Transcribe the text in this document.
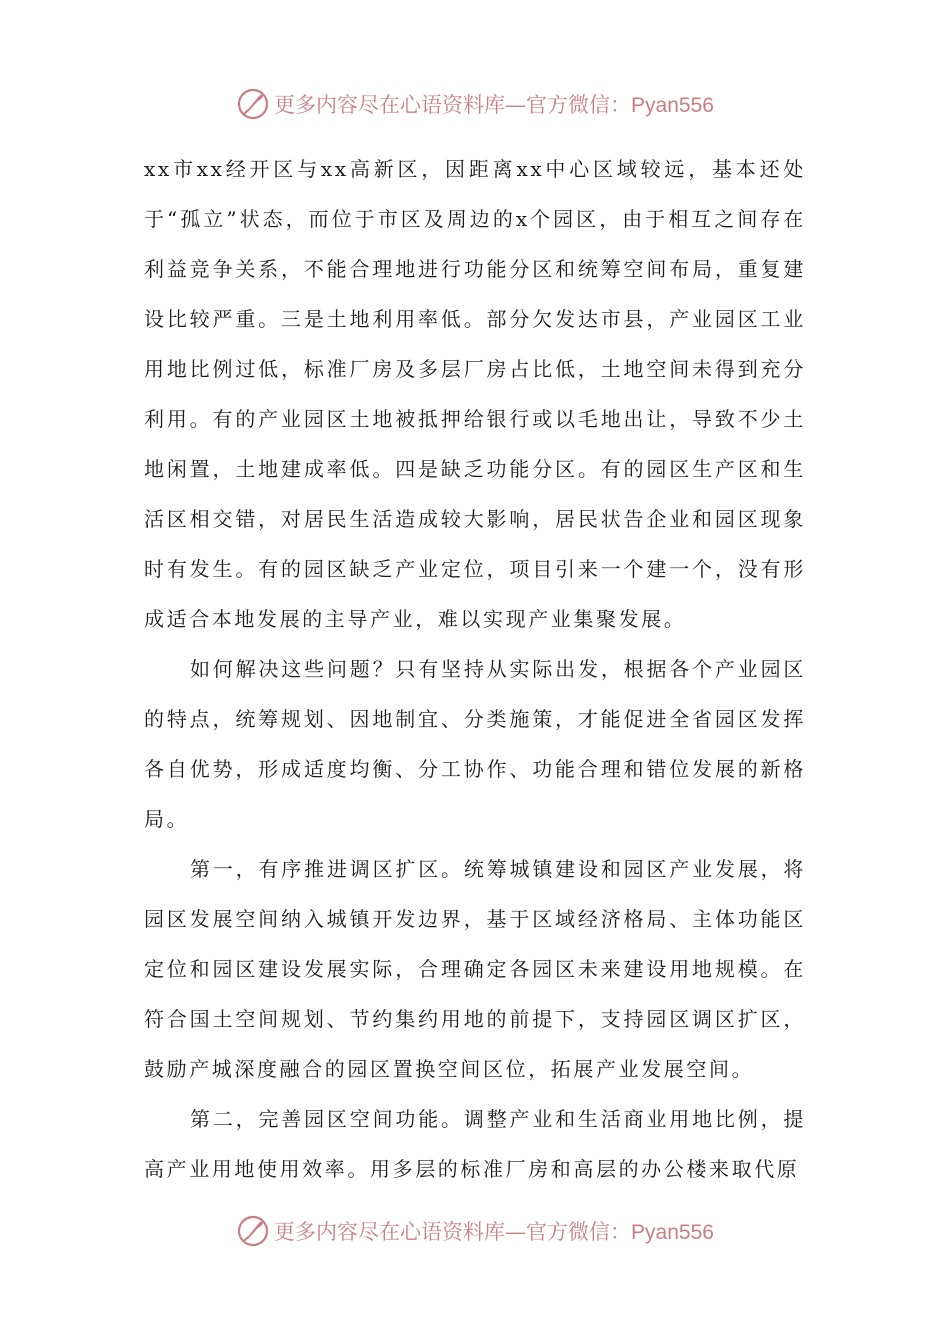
更多内容尽在心语资料库—官方微信：Pyan556

xx市xx经开区与xx高新区，因距离xx中心区域较远，基本还处于“孤立”状态，而位于市区及周边的x个园区，由于相互之间存在利益竞争关系，不能合理地进行功能分区和统筹空间布局，重复建设比较严重。三是土地利用率低。部分欠发达市县，产业园区工业用地比例过低，标准厂房及多层厂房占比低，土地空间未得到充分利用。有的产业园区土地被抵押给银行或以毛地出让，导致不少土地闲置，土地建成率低。四是缺乏功能分区。有的园区生产区和生活区相交错，对居民生活造成较大影响，居民状告企业和园区现象时有发生。有的园区缺乏产业定位，项目引来一个建一个，没有形成适合本地发展的主导产业，难以实现产业集聚发展。

如何解决这些问题？只有坚持从实际出发，根据各个产业园区的特点，统筹规划、因地制宜、分类施策，才能促进全省园区发挥各自优势，形成适度均衡、分工协作、功能合理和错位发展的新格局。

第一，有序推进调区扩区。统筹城镇建设和园区产业发展，将园区发展空间纳入城镇开发边界，基于区域经济格局、主体功能区定位和园区建设发展实际，合理确定各园区未来建设用地规模。在符合国土空间规划、节约集约用地的前提下，支持园区调区扩区，鼓励产城深度融合的园区置换空间区位，拓展产业发展空间。

第二，完善园区空间功能。调整产业和生活商业用地比例，提高产业用地使用效率。用多层的标准厂房和高层的办公楼来取代原

更多内容尽在心语资料库—官方微信：Pyan556
